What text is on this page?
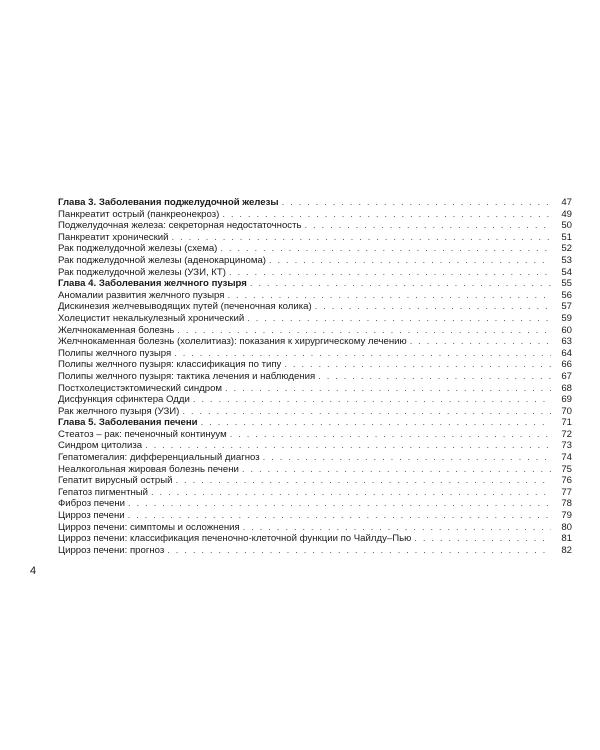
Глава 3. Заболевания поджелудочной железы . . .	47
Панкреатит острый (панкреонекроз) . . .	49
Поджелудочная железа: секреторная недостаточность . . .	50
Панкреатит хронический . . .	51
Рак поджелудочной железы (схема) . . .	52
Рак поджелудочной железы (аденокарцинома) . . .	53
Рак поджелудочной железы (УЗИ, КТ) . . .	54
Глава 4. Заболевания желчного пузыря . . .	55
Аномалии развития желчного пузыря . . .	56
Дискинезия желчевыводящих путей (печеночная колика) . . .	57
Холецистит некалькулезный хронический . . .	59
Желчнокаменная болезнь . . .	60
Желчнокаменная болезнь (холелитиаз): показания к хирургическому лечению . . .	63
Полипы желчного пузыря . . .	64
Полипы желчного пузыря: классификация по типу . . .	66
Полипы желчного пузыря: тактика лечения и наблюдения . . .	67
Постхолецистэктомический синдром . . .	68
Дисфункция сфинктера Одди . . .	69
Рак желчного пузыря (УЗИ) . . .	70
Глава 5. Заболевания печени . . .	71
Стеатоз – рак: печеночный континуум . . .	72
Синдром цитолиза . . .	73
Гепатомегалия: дифференциальный диагноз . . .	74
Неалкогольная жировая болезнь печени . . .	75
Гепатит вирусный острый . . .	76
Гепатоз пигментный . . .	77
Фиброз печени . . .	78
Цирроз печени . . .	79
Цирроз печени: симптомы и осложнения . . .	80
Цирроз печени: классификация печеночно-клеточной функции по Чайлду–Пью . . .	81
Цирроз печени: прогноз . . .	82
4
